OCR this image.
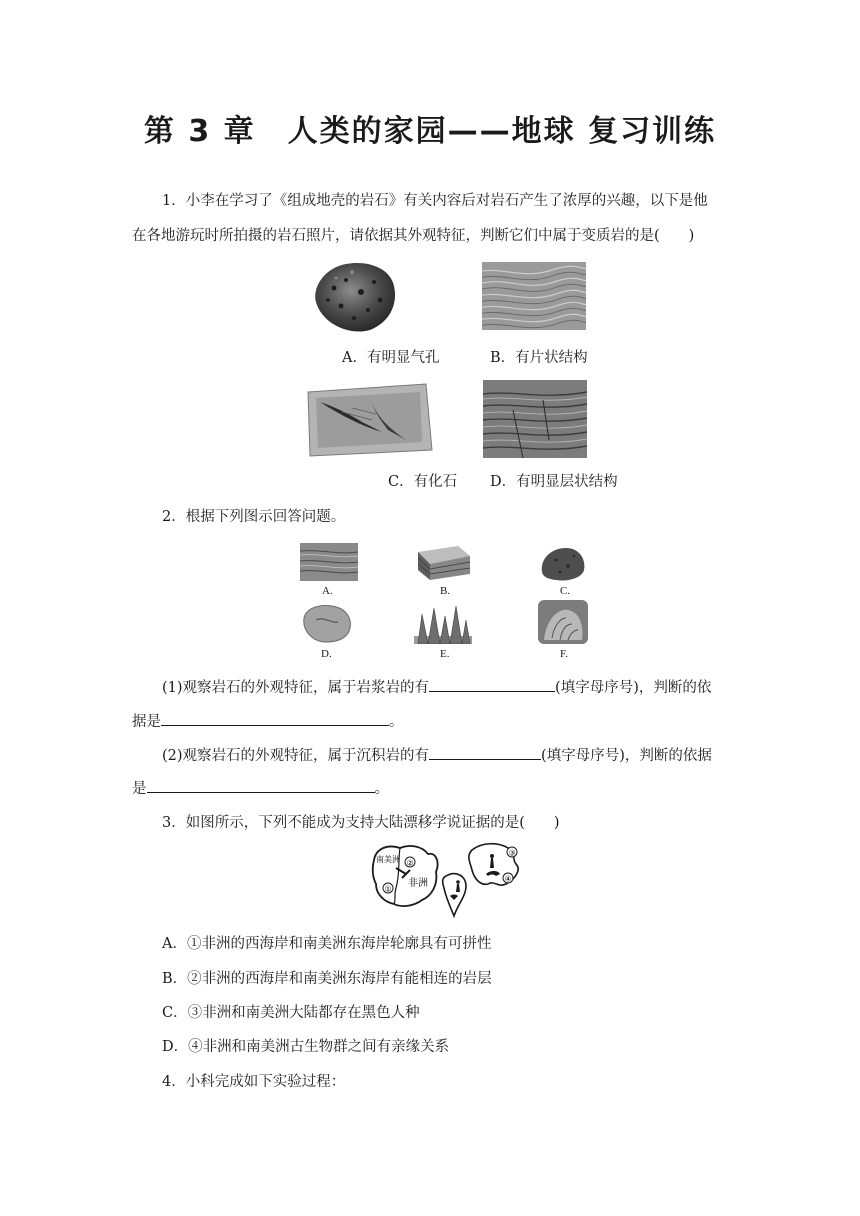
第 3 章　人类的家园——地球 复习训练
1．小李在学习了《组成地壳的岩石》有关内容后对岩石产生了浓厚的兴趣，以下是他
在各地游玩时所拍摄的岩石照片，请依据其外观特征，判断它们中属于变质岩的是(　　)
A．有明显气孔	B．有片状结构
C．有化石 D．有明显层状结构
2．根据下列图示回答问题。
A.	B.	C.
D.	E.	F.
(1)观察岩石的外观特征，属于岩浆岩的有	(填字母序号)，判断的依
据是	。
(2)观察岩石的外观特征，属于沉积岩的有	(填字母序号)，判断的依据
是	。
3．如图所示，下列不能成为支持大陆漂移学说证据的是(　　)
南美洲
非洲
①
②
③
④
A．①非洲的西海岸和南美洲东海岸轮廓具有可拼性
B．②非洲的西海岸和南美洲东海岸有能相连的岩层
C．③非洲和南美洲大陆都存在黑色人种
D．④非洲和南美洲古生物群之间有亲缘关系
4．小科完成如下实验过程：
